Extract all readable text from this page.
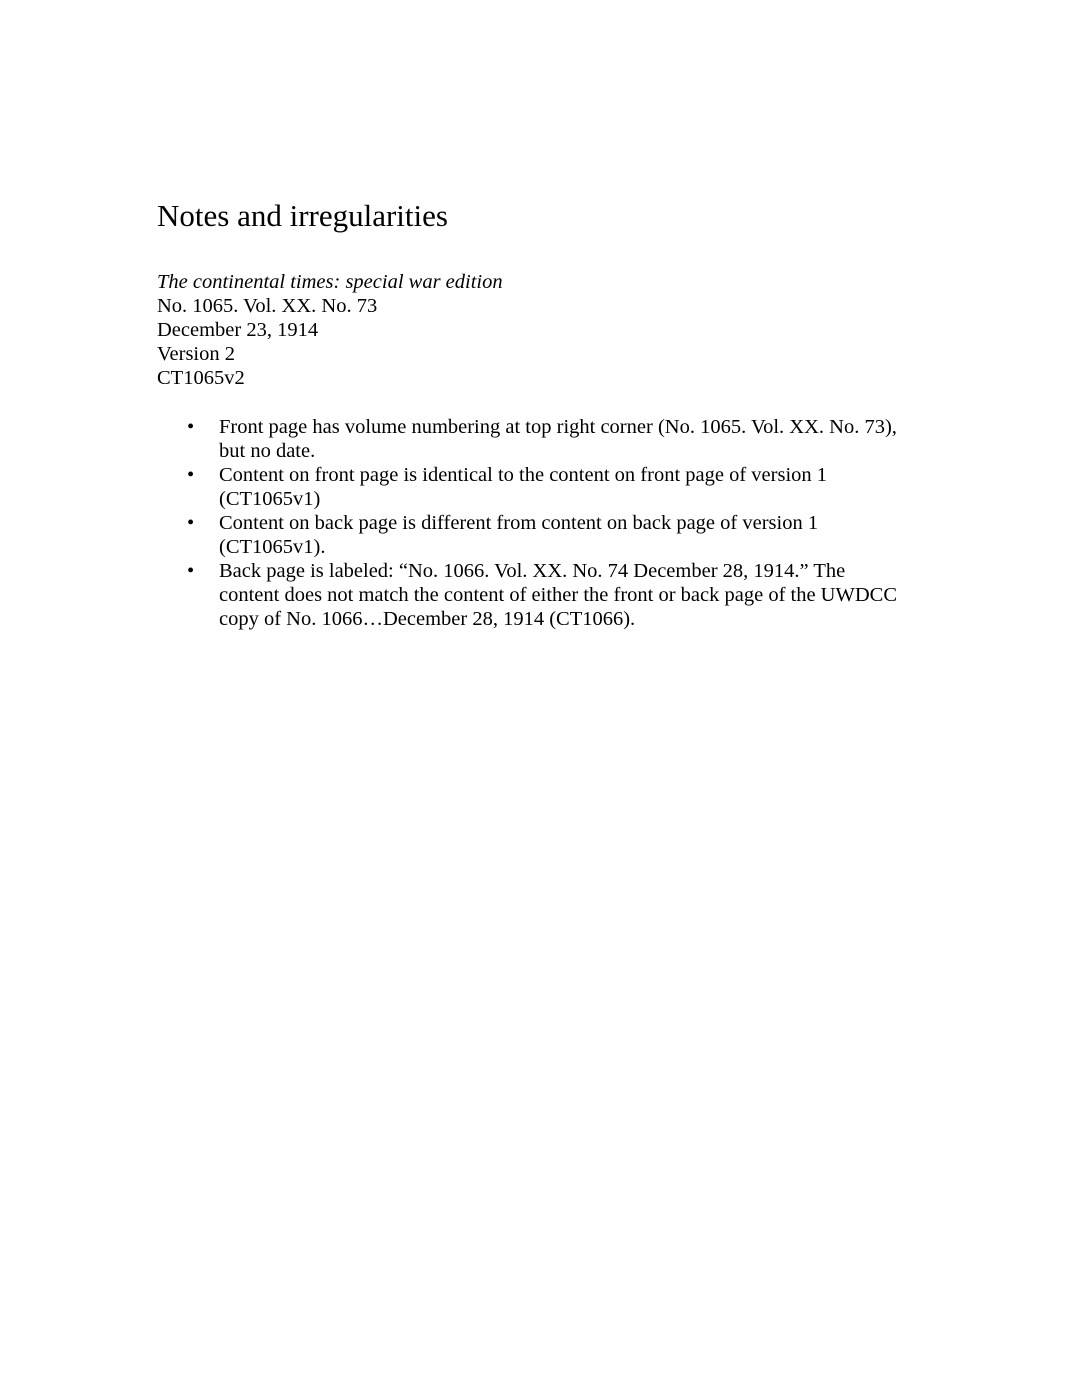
Notes and irregularities
The continental times: special war edition
No. 1065. Vol. XX. No. 73
December 23, 1914
Version 2
CT1065v2
• Front page has volume numbering at top right corner (No. 1065. Vol. XX. No. 73), but no date.
• Content on front page is identical to the content on front page of version 1 (CT1065v1)
• Content on back page is different from content on back page of version 1 (CT1065v1).
• Back page is labeled: “No. 1066. Vol. XX. No. 74 December 28, 1914.” The content does not match the content of either the front or back page of the UWDCC copy of No. 1066…December 28, 1914 (CT1066).
